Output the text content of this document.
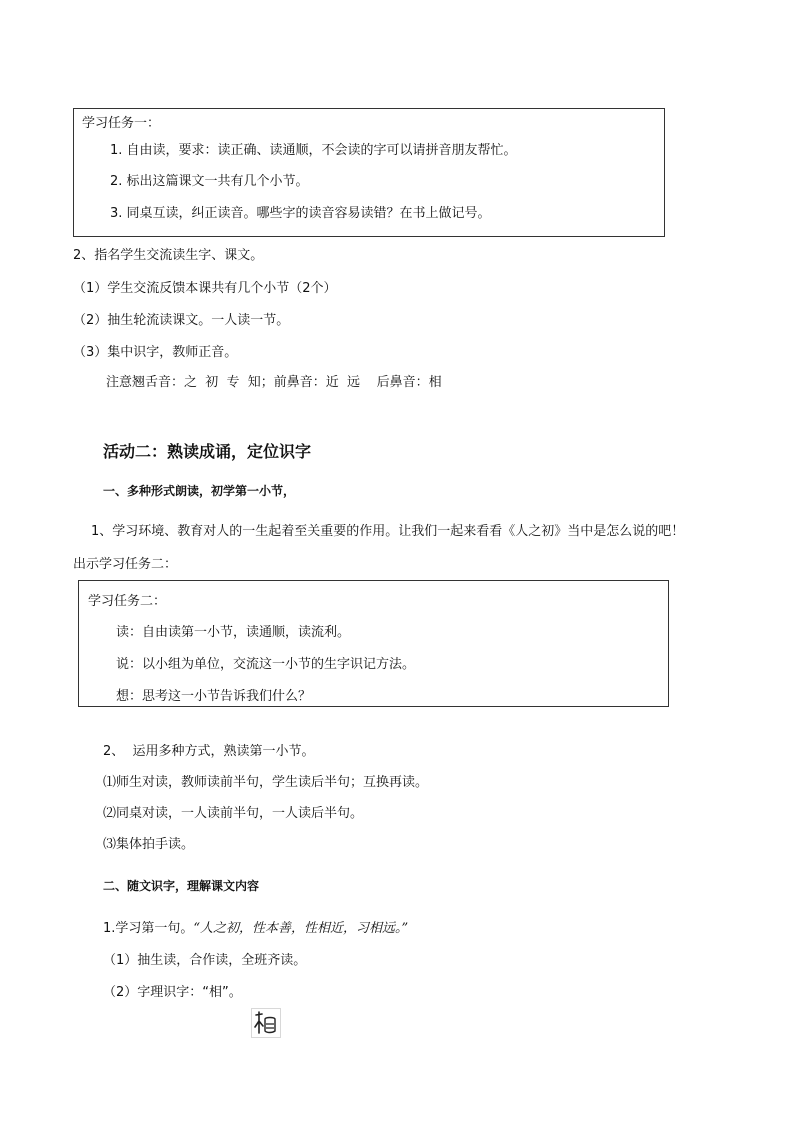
学习任务一：
1. 自由读，要求：读正确、读通顺，不会读的字可以请拼音朋友帮忙。
2. 标出这篇课文一共有几个小节。
3. 同桌互读，纠正读音。哪些字的读音容易读错？在书上做记号。
2、指名学生交流读生字、课文。
（1）学生交流反馈本课共有几个小节（2个）
（2）抽生轮流读课文。一人读一节。
（3）集中识字，教师正音。
注意翘舌音：之  初  专  知；前鼻音：近  远    后鼻音：相
活动二：熟读成诵，定位识字
一、多种形式朗读，初学第一小节，
1、学习环境、教育对人的一生起着至关重要的作用。让我们一起来看看《人之初》当中是怎么说的吧！
出示学习任务二：
学习任务二：
读：自由读第一小节，读通顺，读流利。
说：以小组为单位，交流这一小节的生字识记方法。
想：思考这一小节告诉我们什么？
2、  运用多种方式，熟读第一小节。
⑴师生对读，教师读前半句，学生读后半句；互换再读。
⑵同桌对读，一人读前半句，一人读后半句。
⑶集体拍手读。
二、随文识字，理解课文内容
1.学习第一句。“人之初，性本善，性相近，习相远。”
（1）抽生读，合作读，全班齐读。
（2）字理识字：“相”。
